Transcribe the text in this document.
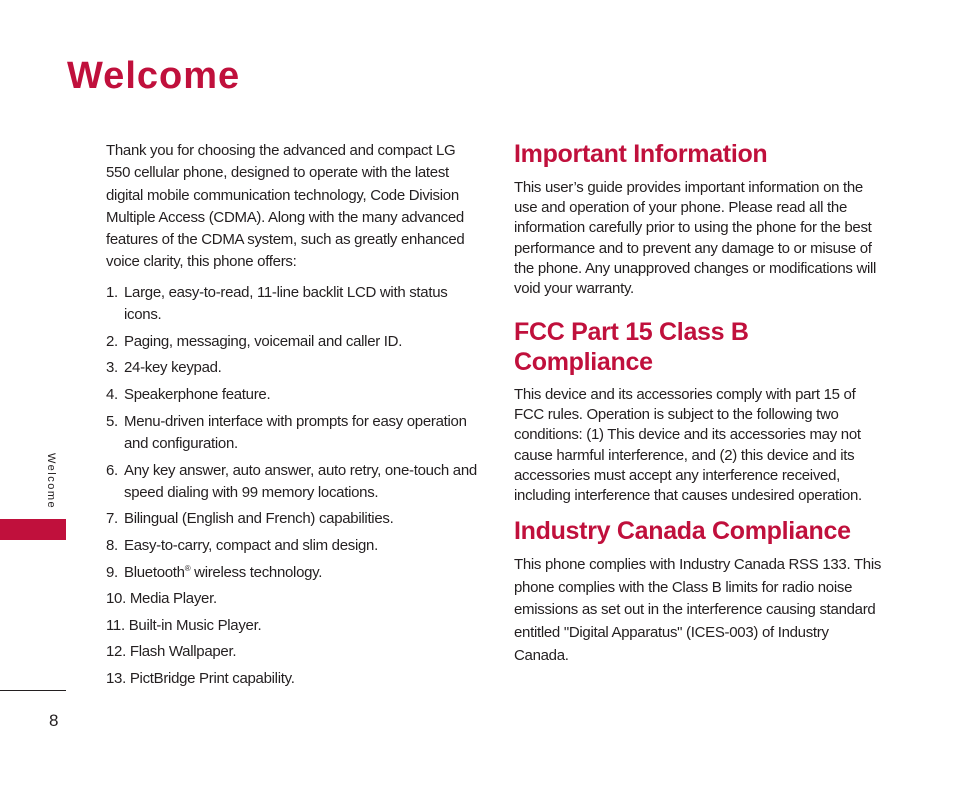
Welcome

Thank you for choosing the advanced and compact LG 550 cellular phone, designed to operate with the latest digital mobile communication technology, Code Division Multiple Access (CDMA). Along with the many advanced features of the CDMA system, such as greatly enhanced voice clarity, this phone offers:

1. Large, easy-to-read, 11-line backlit LCD with status icons.
2. Paging, messaging, voicemail and caller ID.
3. 24-key keypad.
4. Speakerphone feature.
5. Menu-driven interface with prompts for easy operation and configuration.
6. Any key answer, auto answer, auto retry, one-touch and speed dialing with 99 memory locations.
7. Bilingual (English and French) capabilities.
8. Easy-to-carry, compact and slim design.
9. Bluetooth® wireless technology.
10.
Media Player.
11.
Built-in Music Player.
12.
Flash Wallpaper.
13.
PictBridge Print capability.
Important Information

This user’s guide provides important information on the use and operation of your phone. Please read all the information carefully prior to using the phone for the best performance and to prevent any damage to or misuse of the phone. Any unapproved changes or modifications will void your warranty.

FCC Part 15 Class B Compliance

This device and its accessories comply with part 15 of FCC rules. Operation is subject to the following two conditions: (1) This device and its accessories may not cause harmful interference, and (2) this device and its accessories must accept any interference received, including interference that causes undesired operation.

Industry Canada Compliance

This phone complies with Industry Canada RSS 133. This phone complies with the Class B limits for radio noise emissions as set out in the interference causing standard entitled "Digital Apparatus" (ICES-003) of Industry Canada.

Welcome
8
